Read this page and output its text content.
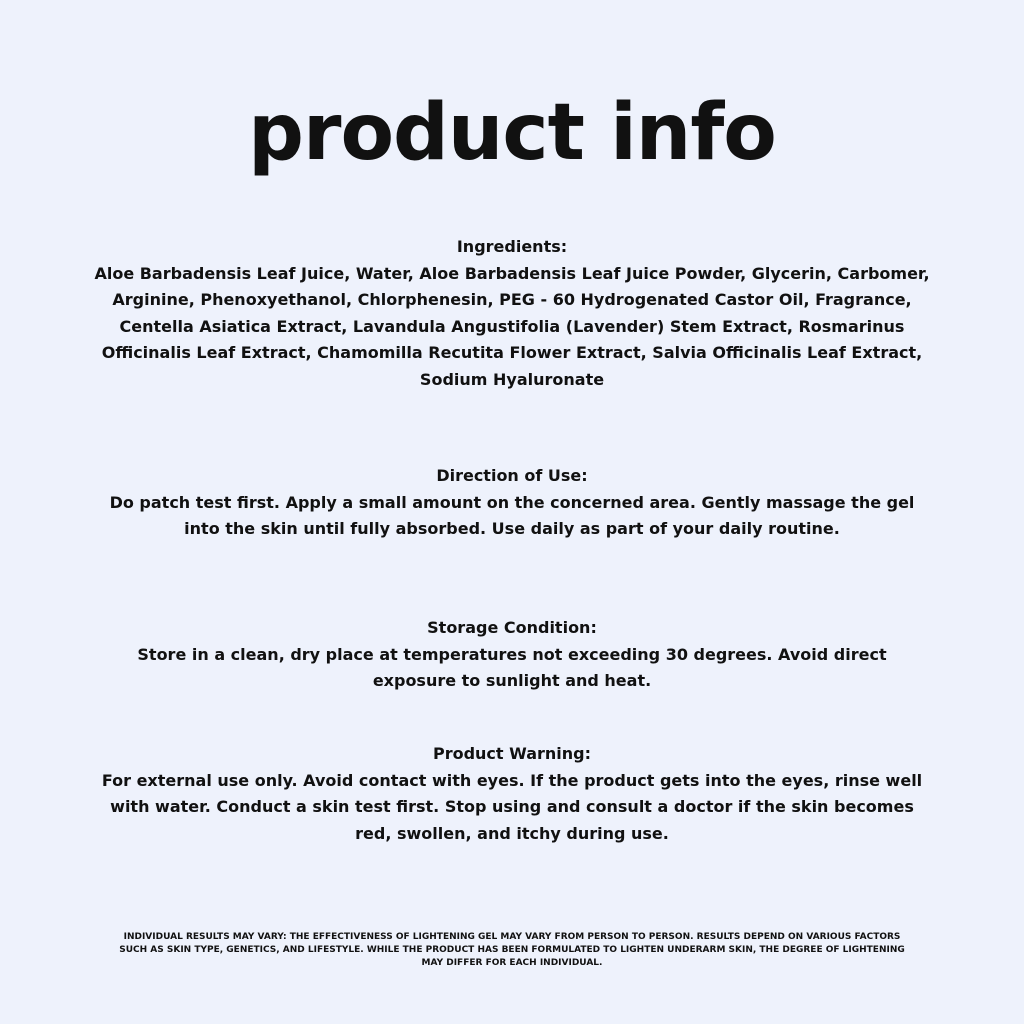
product info
Ingredients:
Aloe Barbadensis Leaf Juice, Water, Aloe Barbadensis Leaf Juice Powder, Glycerin, Carbomer, Arginine, Phenoxyethanol, Chlorphenesin, PEG - 60 Hydrogenated Castor Oil, Fragrance, Centella Asiatica Extract, Lavandula Angustifolia (Lavender) Stem Extract, Rosmarinus Officinalis Leaf Extract, Chamomilla Recutita Flower Extract, Salvia Officinalis Leaf Extract, Sodium Hyaluronate
Direction of Use:
Do patch test first. Apply a small amount on the concerned area. Gently massage the gel into the skin until fully absorbed. Use daily as part of your daily routine.
Storage Condition:
Store in a clean, dry place at temperatures not exceeding 30 degrees. Avoid direct exposure to sunlight and heat.
Product Warning:
For external use only. Avoid contact with eyes. If the product gets into the eyes, rinse well with water. Conduct a skin test first. Stop using and consult a doctor if the skin becomes red, swollen, and itchy during use.
INDIVIDUAL RESULTS MAY VARY: THE EFFECTIVENESS OF LIGHTENING GEL MAY VARY FROM PERSON TO PERSON. RESULTS DEPEND ON VARIOUS FACTORS SUCH AS SKIN TYPE, GENETICS, AND LIFESTYLE. WHILE THE PRODUCT HAS BEEN FORMULATED TO LIGHTEN UNDERARM SKIN, THE DEGREE OF LIGHTENING MAY DIFFER FOR EACH INDIVIDUAL.
